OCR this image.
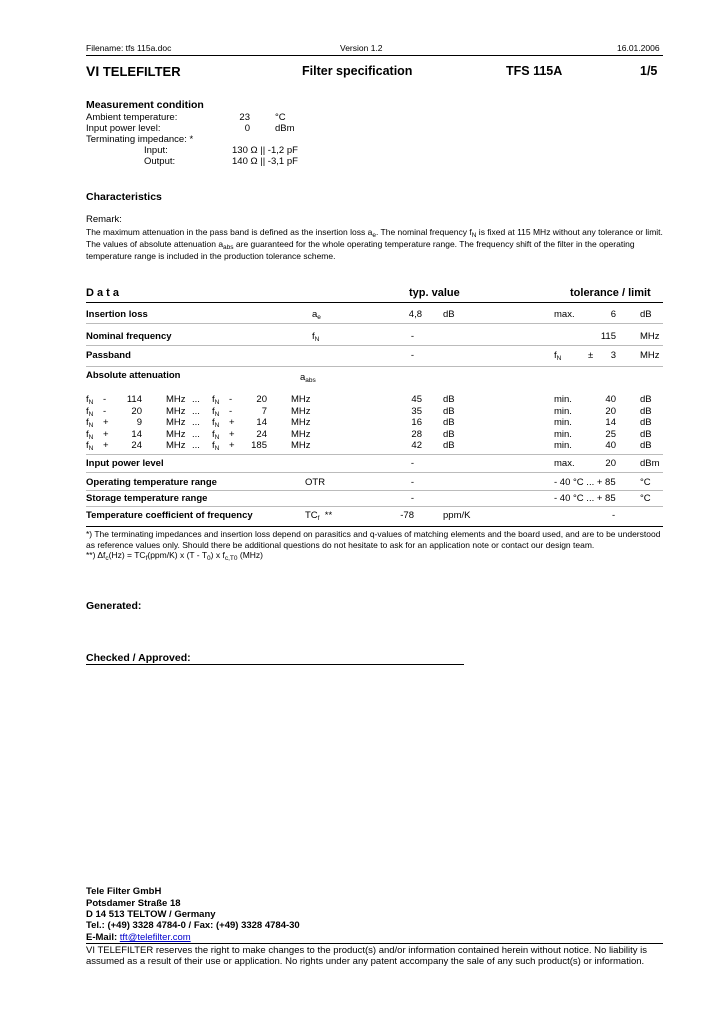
Filename: tfs 115a.doc	Version 1.2	16.01.2006
VI TELEFILTER	Filter specification	TFS 115A	1/5
Measurement condition
Ambient temperature:	23	°C
Input power level:	0	dBm
Terminating impedance: *
Input:	130 Ω || -1,2 pF
Output:	140 Ω || -3,1 pF
Characteristics
Remark:
The maximum attenuation in the pass band is defined as the insertion loss $a_e$. The nominal frequency $f_N$ is fixed at 115 MHz without any tolerance or limit.
The values of absolute attenuation $a_{abs}$ are guaranteed for the whole operating temperature range. The frequency shift of the filter in the operating
temperature range is included in the production tolerance scheme.
D a t a	typ. value	tolerance / limit
Insertion loss	$a_e$	4,8 dB	max.	6	dB
Nominal frequency	$f_N$	-	115	MHz
Passband	-	$f_N$	±	3	MHz
Absolute attenuation	$a_{abs}$
$f_N$ -	114	MHz ... $f_N$ -	20	MHz	45 dB	min.	40	dB
$f_N$ -	20	MHz ... $f_N$ -	7	MHz	35 dB	min.	20	dB
$f_N$ +	9	MHz ... $f_N$ +	14	MHz	16 dB	min.	14	dB
$f_N$ +	14	MHz ... $f_N$ +	24	MHz	28 dB	min.	25	dB
$f_N$ +	24	MHz ... $f_N$ +	185	MHz	42 dB	min.	40	dB
Input power level	-	max.	20	dBm
Operating temperature range	OTR	-	- 40 °C ... + 85	°C
Storage temperature range	-	- 40 °C ... + 85	°C
Temperature coefficient of frequency	$TC_f$ **	-78	ppm/K	-
*) The terminating impedances and insertion loss depend on parasitics and q-values of matching elements and the board used, and are to be understood
as reference values only. Should there be additional questions do not hesitate to ask for an application note or contact our design team.
**) $\Delta f_c(Hz) = TC_f(ppm/K)$ x $(T - T_0)$ x $f_{c,T0}$ (MHz)
Generated:
Checked / Approved:
Tele Filter GmbH
Potsdamer Straße 18
D 14 513 TELTOW / Germany
Tel.: (+49) 3328 4784-0 / Fax: (+49) 3328 4784-30
E-Mail: tft@telefilter.com
VI TELEFILTER reserves the right to make changes to the product(s) and/or information contained herein without notice. No liability is
assumed as a result of their use or application. No rights under any patent accompany the sale of any such product(s) or information.
